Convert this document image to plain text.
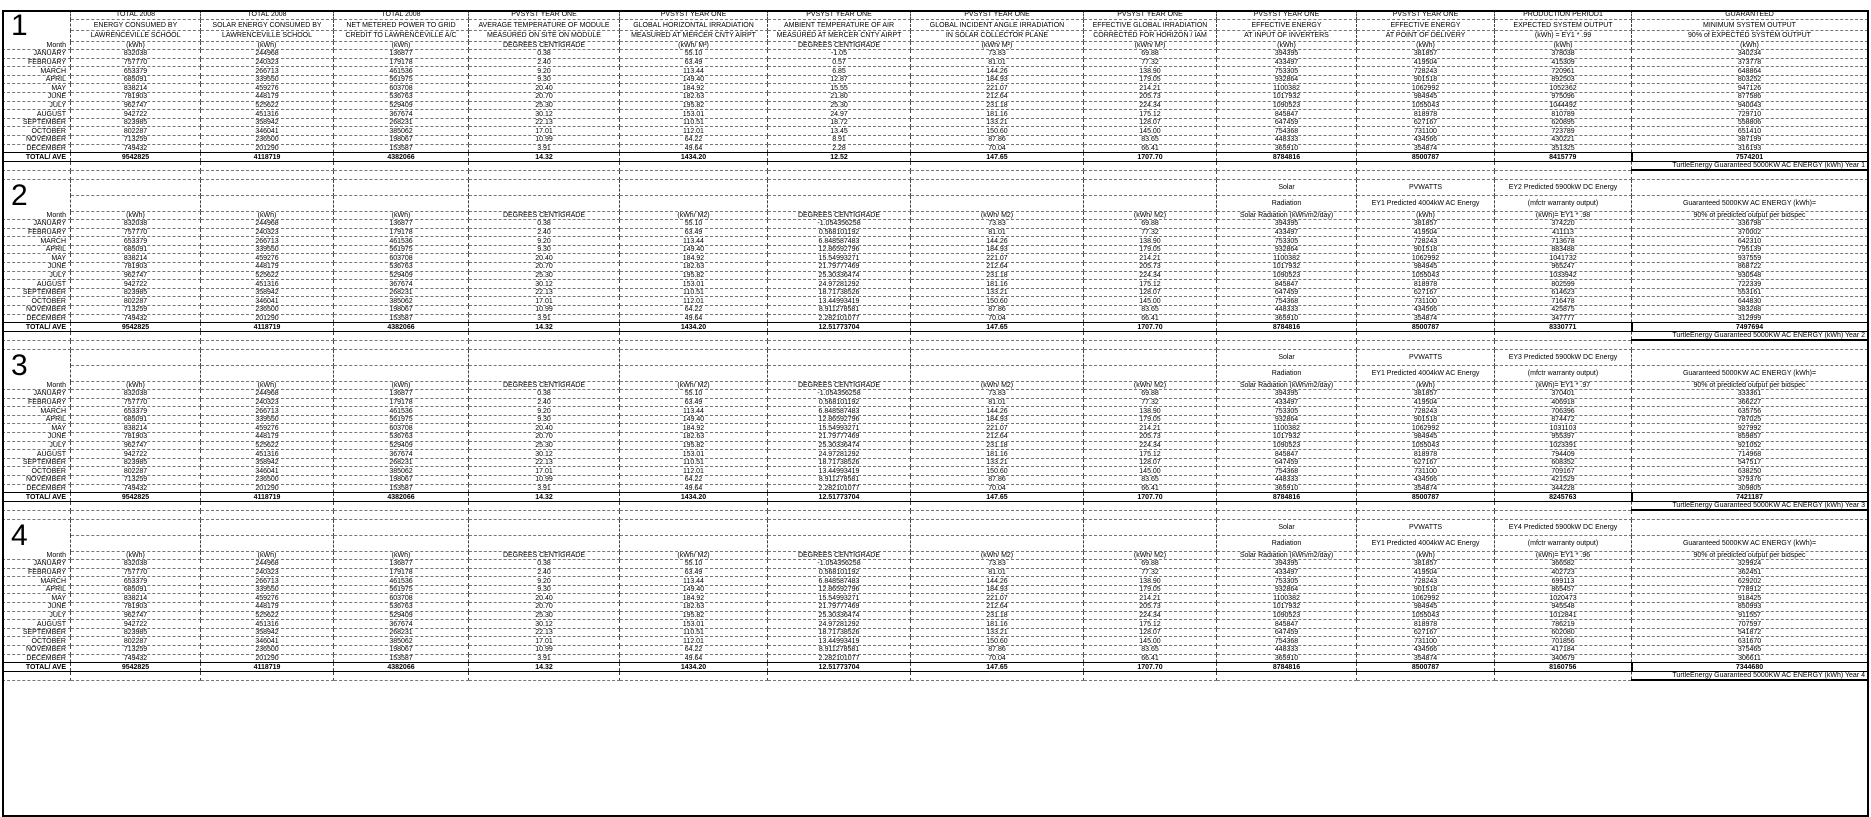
1	TOTAL 2008	TOTAL 2008	TOTAL 2008	PVSYST YEAR ONE	PVSYST YEAR ONE	PVSYST YEAR ONE	PVSYST YEAR ONE	PVSYST YEAR ONE	PVSYST YEAR ONE	PVSYST YEAR ONE	PRODUCTION PERIOD1	GUARANTEED
	ENERGY CONSUMED BY	SOLAR ENERGY CONSUMED BY	NET METERED POWER TO GRID	AVERAGE TEMPERATURE OF MODULE	GLOBAL HORIZONTAL IRRADIATION	AMBIENT TEMPERATURE OF AIR	GLOBAL INCIDENT ANGLE IRRADIATION	EFFECTIVE GLOBAL IRRADIATION	EFFECTIVE ENERGY	EFFECTIVE ENERGY	EXPECTED SYSTEM OUTPUT	MINIMUM SYSTEM OUTPUT
	LAWRENCEVILLE SCHOOL	LAWRENCEVILLE SCHOOL	CREDIT TO LAWRENCEVILLE A/C	MEASURED ON SITE ON MODULE	MEASURED AT MERCER CNTY AIRPT	MEASURED AT MERCER CNTY AIRPT	IN SOLAR COLLECTOR PLANE	CORRECTED FOR HORIZON / IAM	AT INPUT OF INVERTERS	AT POINT OF DELIVERY	(kWh) = EY1 * .99	90% of EXPECTED SYSTEM OUTPUT
Month	(kWh)	(kWh)	(kWh)	DEGREES CENTIGRADE	(kWh/ M²)	DEGREES CENTIGRADE	(kWh/ M²)	(kWh/ M²)	(kWh)	(kWh)	(kWh)	(kWh)
JANUARY	832038	244968	136877	0.38	55.10	-1.05	73.83	69.88	394395	381857	378038	340234
FEBRUARY	757770	240323	179178	2.40	63.49	0.57	81.01	77.32	433497	419504	415309	373778
MARCH	653379	266713	461536	9.20	113.44	6.85	144.26	138.90	753305	728243	720961	648864
APRIL	685091	339550	561975	9.30	149.40	12.87	184.93	179.05	932864	901518	892503	803252
MAY	838214	459276	603708	20.40	184.92	15.55	221.07	214.21	1100382	1062992	1052362	947126
JUNE	781903	448179	536763	20.70	182.63	21.80	212.64	205.73	1017932	984945	975096	877586
JULY	962747	525622	529409	25.30	195.82	25.30	231.18	224.34	1090523	1055043	1044492	940043
AUGUST	942722	451316	367674	30.12	153.01	24.97	181.16	175.12	845847	818978	810789	729710
SEPTEMBER	823985	358942	268231	22.13	110.51	18.72	133.21	128.07	647459	627167	620895	558806
OCTOBER	802287	346041	385062	17.01	112.01	13.45	150.60	145.00	754368	731100	723789	651410
NOVEMBER	713259	236500	198067	10.99	64.22	8.91	87.86	83.65	448333	434566	430221	387199
DECEMBER	749432	201290	153587	3.91	49.64	2.28	70.04	66.41	365910	354874	351325	316193
TOTAL/ AVE	9542825	4118719	4382066	14.32	1434.20	12.52	147.65	1707.70	8784816	8500787	8415779	7574201
												TurtleEnergy Guaranteed 5000KW AC ENERGY (kWh) Year 1

2									Solar	PVWATTS	EY2 Predicted 5900kW DC Energy	
									Radiation	EY1 Predicted 4004kW AC Energy	(mfctr warranty output)	Guaranteed 5000KW AC ENERGY (kWh)=
Month	(kWh)	(kWh)	(kWh)	DEGREES CENTIGRADE	(kWh/ M2)	DEGREES CENTIGRADE	(kWh/ M2)	(kWh/ M2)	Solar Radiation (kWh/m2/day)	(kWh)	(kWh)= EY1 * .98	90% of predicted output per bidspec
JANUARY	832038	244968	136877	0.38	55.10	-1.054356258	73.83	69.88	394395	381857	374220	336798
FEBRUARY	757770	240323	179178	2.40	63.49	0.568101192	81.01	77.32	433497	419504	411113	370002
MARCH	653379	266713	461536	9.20	113.44	6.848587483	144.26	138.90	753305	728243	713678	642310
APRIL	685091	339550	561975	9.30	149.40	12.86592796	184.93	179.05	932864	901518	883488	795139
MAY	838214	459276	603708	20.40	184.92	15.54993271	221.07	214.21	1100382	1062992	1041732	937559
JUNE	781903	448179	536763	20.70	182.63	21.79777469	212.64	205.73	1017932	984945	965247	868722
JULY	962747	525622	529409	25.30	195.82	25.30336474	231.18	224.34	1090523	1055043	1033942	930548
AUGUST	942722	451316	367674	30.12	153.01	24.97281292	181.16	175.12	845847	818978	802599	722339
SEPTEMBER	823985	358942	268231	22.13	110.51	18.71738526	133.21	128.07	647459	627167	614623	553161
OCTOBER	802287	346041	385062	17.01	112.01	13.44993419	150.60	145.00	754368	731100	716478	644830
NOVEMBER	713259	236500	198067	10.99	64.22	8.911278581	87.86	83.65	448333	434566	425875	383288
DECEMBER	749432	201290	153587	3.91	49.64	2.282101077	70.04	66.41	365910	354874	347777	312999
TOTAL/ AVE	9542825	4118719	4382066	14.32	1434.20	12.51773704	147.65	1707.70	8784816	8500787	8330771	7497694
												TurtleEnergy Guaranteed 5000KW AC ENERGY (kWh) Year 2

3									Solar	PVWATTS	EY3 Predicted 5900kW DC Energy	
									Radiation	EY1 Predicted 4004kW AC Energy	(mfctr warranty output)	Guaranteed 5000KW AC ENERGY (kWh)=
Month	(kWh)	(kWh)	(kWh)	DEGREES CENTIGRADE	(kWh/ M2)	DEGREES CENTIGRADE	(kWh/ M2)	(kWh/ M2)	Solar Radiation (kWh/m2/day)	(kWh)	(kWh)= EY1 * .97	90% of predicted output per bidspec
JANUARY	832038	244968	136877	0.38	55.10	-1.054356258	73.83	69.88	394395	381857	370401	333361
FEBRUARY	757770	240323	179178	2.40	63.49	0.568101192	81.01	77.32	433497	419504	406918	366227
MARCH	653379	266713	461536	9.20	113.44	6.848587483	144.26	138.90	753305	728243	706396	635756
APRIL	685091	339550	561975	9.30	149.40	12.86592796	184.93	179.05	932864	901518	874472	787025
MAY	838214	459276	603708	20.40	184.92	15.54993271	221.07	214.21	1100382	1062992	1031103	927992
JUNE	781903	448179	536763	20.70	182.63	21.79777469	212.64	205.73	1017932	984945	955397	859857
JULY	962747	525622	529409	25.30	195.82	25.30336474	231.18	224.34	1090523	1055043	1023391	921052
AUGUST	942722	451316	367674	30.12	153.01	24.97281292	181.16	175.12	845847	818978	794409	714968
SEPTEMBER	823985	358942	268231	22.13	110.51	18.71738526	133.21	128.07	647459	627167	608352	547517
OCTOBER	802287	346041	385062	17.01	112.01	13.44993419	150.60	145.00	754368	731100	709167	638250
NOVEMBER	713259	236500	198067	10.99	64.22	8.911278581	87.86	83.65	448333	434566	421529	379376
DECEMBER	749432	201290	153587	3.91	49.64	2.282101077	70.04	66.41	365910	354874	344228	309805
TOTAL/ AVE	9542825	4118719	4382066	14.32	1434.20	12.51773704	147.65	1707.70	8784816	8500787	8245763	7421187
												TurtleEnergy Guaranteed 5000KW AC ENERGY (kWh) Year 3

4									Solar	PVWATTS	EY4 Predicted 5900kW DC Energy	
									Radiation	EY1 Predicted 4004kW AC Energy	(mfctr warranty output)	Guaranteed 5000KW AC ENERGY (kWh)=
Month	(kWh)	(kWh)	(kWh)	DEGREES CENTIGRADE	(kWh/ M2)	DEGREES CENTIGRADE	(kWh/ M2)	(kWh/ M2)	Solar Radiation (kWh/m2/day)	(kWh)	(kWh)= EY1 * .96	90% of predicted output per bidspec
JANUARY	832038	244968	136877	0.38	55.10	-1.054356258	73.83	69.88	394395	381857	366582	329924
FEBRUARY	757770	240323	179178	2.40	63.49	0.568101192	81.01	77.32	433497	419504	402723	362451
MARCH	653379	266713	461536	9.20	113.44	6.848587483	144.26	138.90	753305	728243	699113	629202
APRIL	685091	339550	561975	9.30	149.40	12.86592796	184.93	179.05	932864	901518	865457	778912
MAY	838214	459276	603708	20.40	184.92	15.54993271	221.07	214.21	1100382	1062992	1020473	918425
JUNE	781903	448179	536763	20.70	182.63	21.79777469	212.64	205.73	1017932	984945	945548	850993
JULY	962747	525622	529409	25.30	195.82	25.30336474	231.18	224.34	1090523	1055043	1012841	911557
AUGUST	942722	451316	367674	30.12	153.01	24.97281292	181.16	175.12	845847	818978	786219	707597
SEPTEMBER	823985	358942	268231	22.13	110.51	18.71738526	133.21	128.07	647459	627167	602080	541872
OCTOBER	802287	346041	385062	17.01	112.01	13.44993419	150.60	145.00	754368	731100	701856	631670
NOVEMBER	713259	236500	198067	10.99	64.22	8.911278581	87.86	83.65	448333	434566	417184	375465
DECEMBER	749432	201290	153587	3.91	49.64	2.282101077	70.04	66.41	365910	354874	340679	306611
TOTAL/ AVE	9542825	4118719	4382066	14.32	1434.20	12.51773704	147.65	1707.70	8784816	8500787	8160756	7344680
												TurtleEnergy Guaranteed 5000KW AC ENERGY (kWh) Year 4
